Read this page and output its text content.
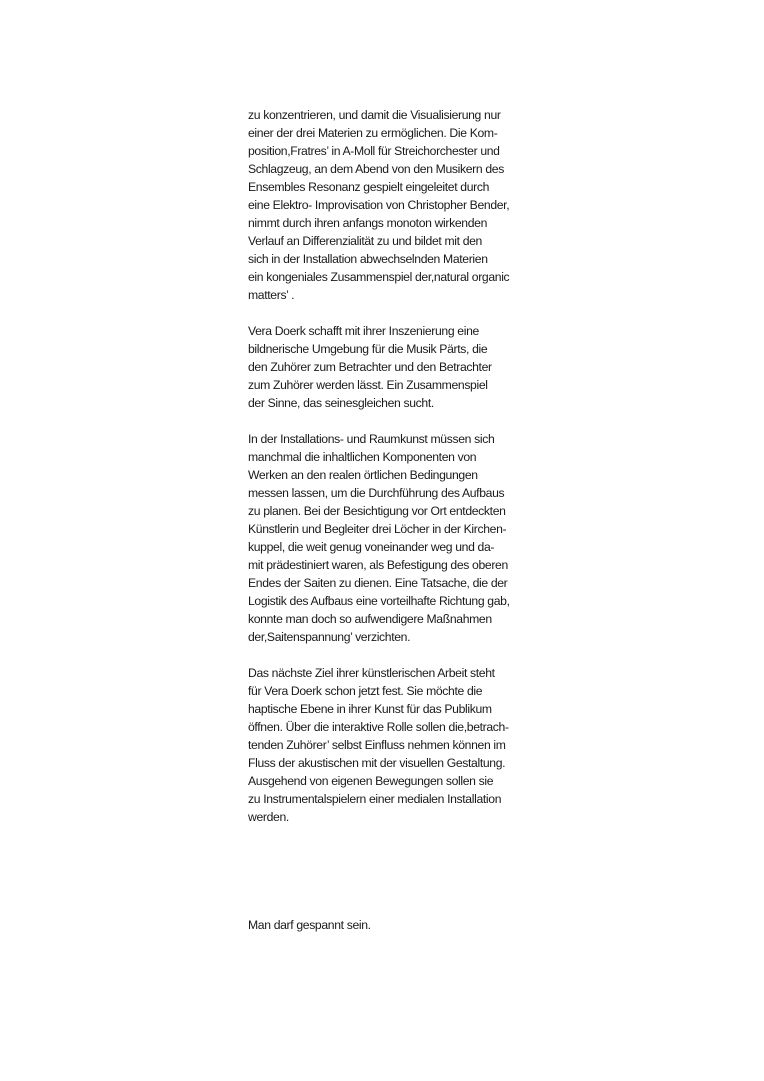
zu konzentrieren, und damit die Visualisierung nur
einer der drei Materien zu ermöglichen. Die Kom-
position,Fratres’ in A-Moll für Streichorchester und
Schlagzeug, an dem Abend von den Musikern des
Ensembles Resonanz gespielt eingeleitet durch
eine Elektro- Improvisation von Christopher Bender,
nimmt durch ihren anfangs monoton wirkenden
Verlauf an Differenzialität zu und bildet mit den
sich in der Installation abwechselnden Materien
ein kongeniales Zusammenspiel der,natural organic
matters’ .
Vera Doerk schafft mit ihrer Inszenierung eine
bildnerische Umgebung für die Musik Pärts, die
den Zuhörer zum Betrachter und den Betrachter
zum Zuhörer werden lässt. Ein Zusammenspiel
der Sinne, das seinesgleichen sucht.
In der Installations- und Raumkunst müssen sich
manchmal die inhaltlichen Komponenten von
Werken an den realen örtlichen Bedingungen
messen lassen, um die Durchführung des Aufbaus
zu planen. Bei der Besichtigung vor Ort entdeckten
Künstlerin und Begleiter drei Löcher in der Kirchen-
kuppel, die weit genug voneinander weg und da-
mit prädestiniert waren, als Befestigung des oberen
Endes der Saiten zu dienen. Eine Tatsache, die der
Logistik des Aufbaus eine vorteilhafte Richtung gab,
konnte man doch so aufwendigere Maßnahmen
der,Saitenspannung’ verzichten.
Das nächste Ziel ihrer künstlerischen Arbeit steht
für Vera Doerk schon jetzt fest. Sie möchte die
haptische Ebene in ihrer Kunst für das Publikum
öffnen. Über die interaktive Rolle sollen die,betrach-
tenden Zuhörer’ selbst Einfluss nehmen können im
Fluss der akustischen mit der visuellen Gestaltung.
Ausgehend von eigenen Bewegungen sollen sie
zu Instrumentalspielern einer medialen Installation
werden.
Man darf gespannt sein.
